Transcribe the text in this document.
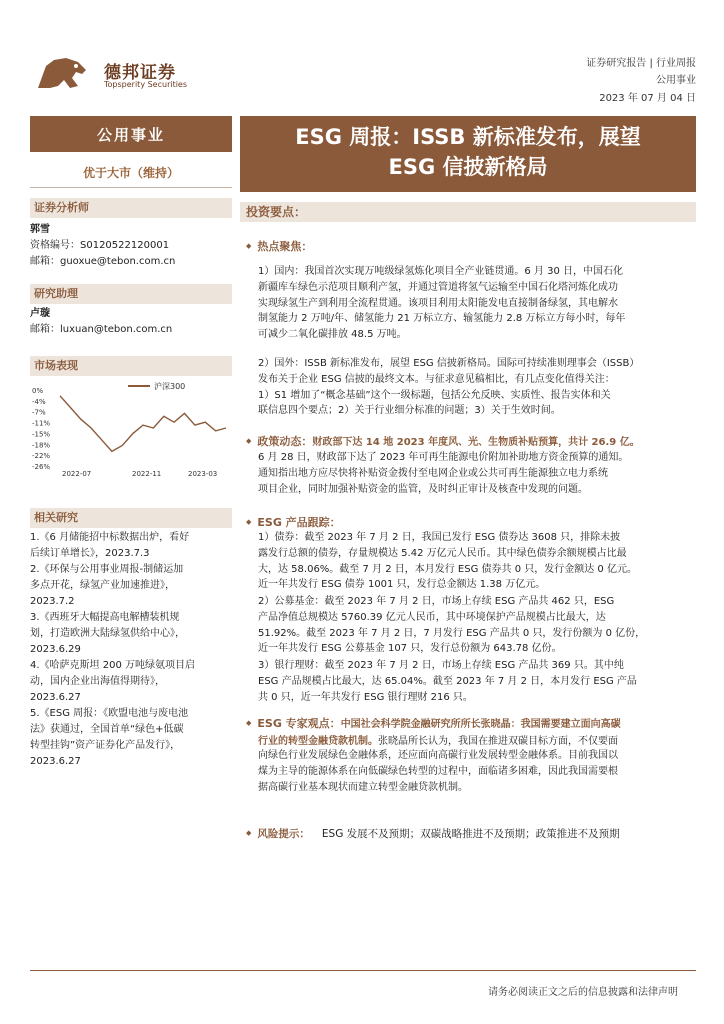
德邦证券
Topsperity Securities
证券研究报告 | 行业周报
公用事业
2023 年 07 月 04 日
公用事业
优于大市（维持）
证券分析师
郭雪
资格编号：S0120522120001
邮箱：guoxue@tebon.com.cn
研究助理
卢璇
邮箱：luxuan@tebon.com.cn
市场表现
0%
-4%
-7%
-11%
-15%
-18%
-22%
-26%
2022-07	2022-11	2023-03
沪深300
相关研究
1.《6 月储能招中标数据出炉，看好
后续订单增长》，2023.7.3
2.《环保与公用事业周报-制储运加
多点开花，绿氢产业加速推进》，
2023.7.2
3.《西班牙大幅提高电解槽装机规
划，打造欧洲大陆绿氢供给中心》，
2023.6.29
4.《哈萨克斯坦 200 万吨绿氨项目启
动，国内企业出海值得期待》，
2023.6.27
5.《ESG 周报：《欧盟电池与废电池
法》获通过，全国首单“绿色+低碳
转型挂钩”资产证券化产品发行》，
2023.6.27
ESG 周报：ISSB 新标准发布，展望
ESG 信披新格局
投资要点：
◆ 热点聚焦：
1）国内：我国首次实现万吨级绿氢炼化项目全产业链贯通。6 月 30 日，中国石化
新疆库车绿色示范项目顺利产氢，并通过管道将氢气运输至中国石化塔河炼化成功
实现绿氢生产到利用全流程贯通。该项目利用太阳能发电直接制备绿氢，其电解水
制氢能力 2 万吨/年、储氢能力 21 万标立方、输氢能力 2.8 万标立方每小时，每年
可减少二氧化碳排放 48.5 万吨。
2）国外：ISSB 新标准发布，展望 ESG 信披新格局。国际可持续准则理事会（ISSB）
发布关于企业 ESG 信披的最终文本。与征求意见稿相比，有几点变化值得关注：
1）S1 增加了“概念基础”这个一级标题，包括公允反映、实质性、报告实体和关
联信息四个要点；2）关于行业细分标准的问题；3）关于生效时间。
◆ 政策动态：财政部下达 14 地 2023 年度风、光、生物质补贴预算，共计 26.9 亿。
6 月 28 日，财政部下达了 2023 年可再生能源电价附加补助地方资金预算的通知。
通知指出地方应尽快将补贴资金拨付至电网企业或公共可再生能源独立电力系统
项目企业，同时加强补贴资金的监管，及时纠正审计及核查中发现的问题。
◆ ESG 产品跟踪：
1）债券：截至 2023 年 7 月 2 日，我国已发行 ESG 债券达 3608 只，排除未披
露发行总额的债券，存量规模达 5.42 万亿元人民币。其中绿色债券余额规模占比最
大，达 58.06%。截至 7 月 2 日，本月发行 ESG 债券共 0 只，发行金额达 0 亿元。
近一年共发行 ESG 债券 1001 只，发行总金额达 1.38 万亿元。
2）公募基金：截至 2023 年 7 月 2 日，市场上存续 ESG 产品共 462 只，ESG
产品净值总规模达 5760.39 亿元人民币，其中环境保护产品规模占比最大，达
51.92%。截至 2023 年 7 月 2 日，7 月发行 ESG 产品共 0 只，发行份额为 0 亿份，
近一年共发行 ESG 公募基金 107 只，发行总份额为 643.78 亿份。
3）银行理财：截至 2023 年 7 月 2 日，市场上存续 ESG 产品共 369 只。其中纯
ESG 产品规模占比最大，达 65.04%。截至 2023 年 7 月 2 日，本月发行 ESG 产品
共 0 只，近一年共发行 ESG 银行理财 216 只。
◆ ESG 专家观点：中国社会科学院金融研究所所长张晓晶：我国需要建立面向高碳
行业的转型金融贷款机制。张晓晶所长认为，我国在推进双碳目标方面，不仅要面
向绿色行业发展绿色金融体系，还应面向高碳行业发展转型金融体系。目前我国以
煤为主导的能源体系在向低碳绿色转型的过程中，面临诸多困难，因此我国需要根
据高碳行业基本现状而建立转型金融贷款机制。
◆ 风险提示： ESG 发展不及预期；双碳战略推进不及预期；政策推进不及预期
请务必阅读正文之后的信息披露和法律声明
